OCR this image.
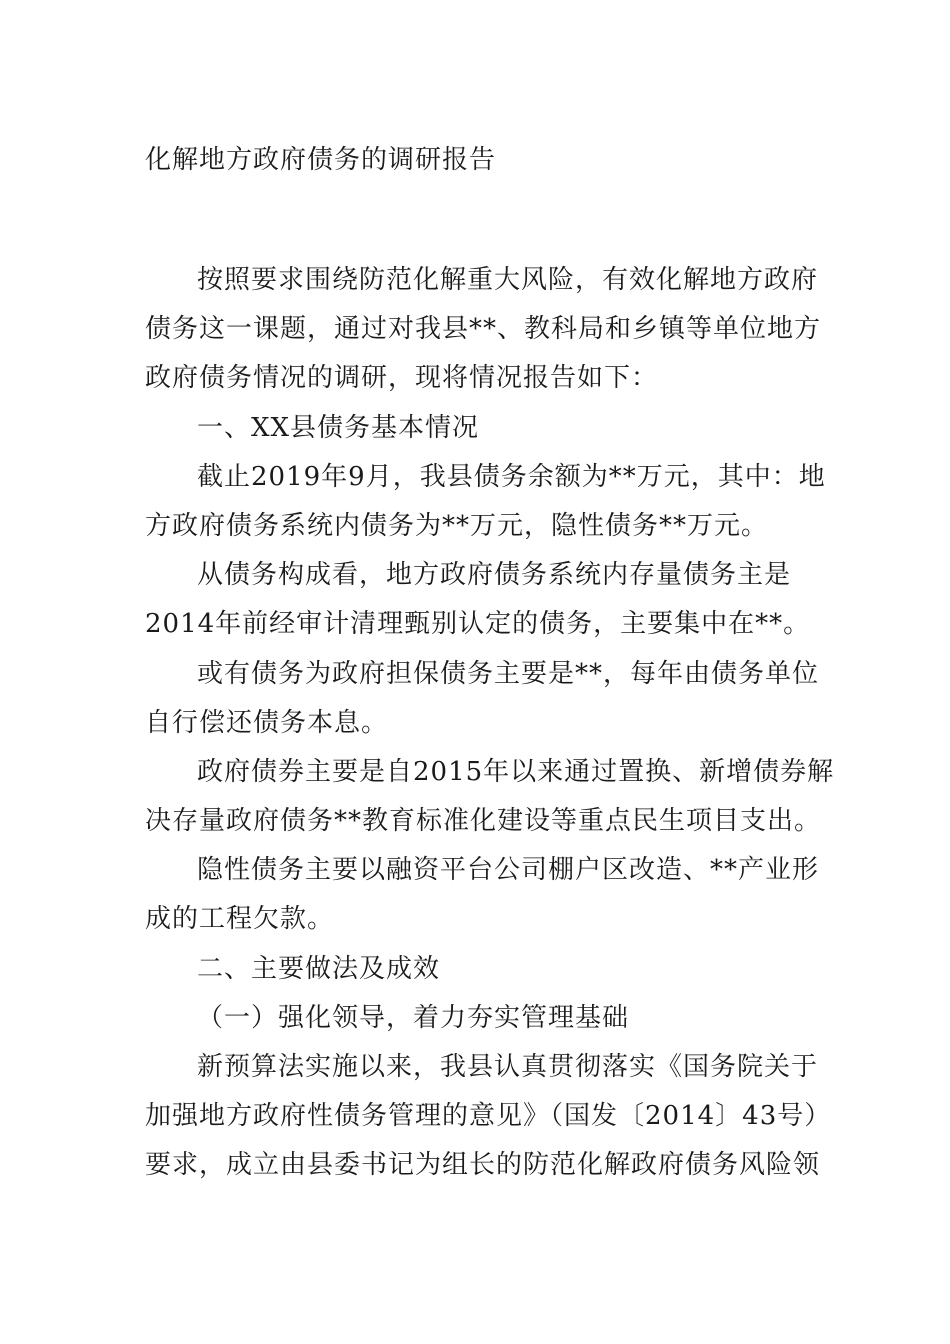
化解地方政府债务的调研报告
按照要求围绕防范化解重大风险，有效化解地方政府
债务这一课题，通过对我县**、教科局和乡镇等单位地方
政府债务情况的调研，现将情况报告如下：
一、XX县债务基本情况
截止2019年9月，我县债务余额为**万元，其中：地
方政府债务系统内债务为**万元，隐性债务**万元。
从债务构成看，地方政府债务系统内存量债务主是
2014年前经审计清理甄别认定的债务，主要集中在**。
或有债务为政府担保债务主要是**，每年由债务单位
自行偿还债务本息。
政府债券主要是自2015年以来通过置换、新增债券解
决存量政府债务**教育标准化建设等重点民生项目支出。
隐性债务主要以融资平台公司棚户区改造、**产业形
成的工程欠款。
二、主要做法及成效
（一）强化领导，着力夯实管理基础
新预算法实施以来，我县认真贯彻落实《国务院关于
加强地方政府性债务管理的意见》（国发〔2014〕43号）
要求，成立由县委书记为组长的防范化解政府债务风险领
